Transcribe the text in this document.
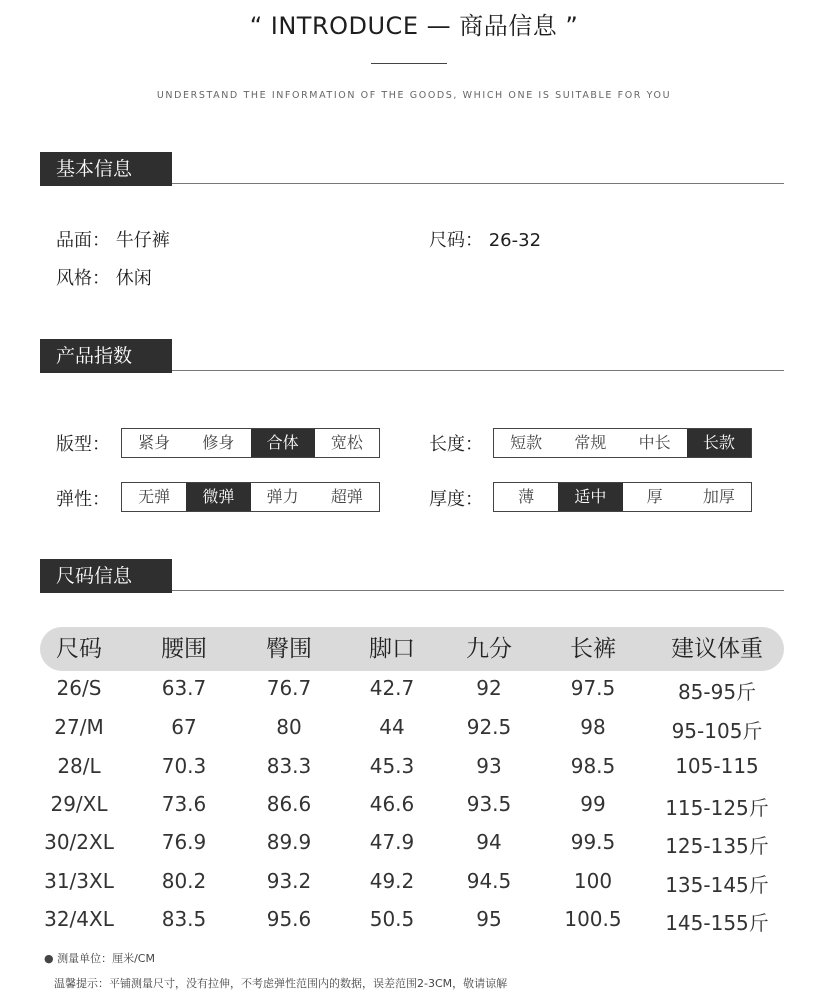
“ INTRODUCE — 商品信息 ”
UNDERSTAND THE INFORMATION OF THE GOODS, WHICH ONE IS SUITABLE FOR YOU
基本信息
品面： 牛仔裤	尺码： 26-32
风格： 休闲
产品指数
版型：	紧身	修身	合体	宽松	长度：	短款	常规	中长	长款
弹性：	无弹	微弹	弹力	超弹	厚度：	薄	适中	厚	加厚
尺码信息
尺码	腰围	臀围	脚口	九分	长裤	建议体重
26/S	63.7	76.7	42.7	92	97.5	85-95斤
27/M	67	80	44	92.5	98	95-105斤
28/L	70.3	83.3	45.3	93	98.5	105-115
29/XL	73.6	86.6	46.6	93.5	99	115-125斤
30/2XL	76.9	89.9	47.9	94	99.5	125-135斤
31/3XL	80.2	93.2	49.2	94.5	100	135-145斤
32/4XL	83.5	95.6	50.5	95	100.5	145-155斤
● 测量单位：厘米/CM
温馨提示：平铺测量尺寸，没有拉伸，不考虑弹性范围内的数据，误差范围2-3CM，敬请谅解
